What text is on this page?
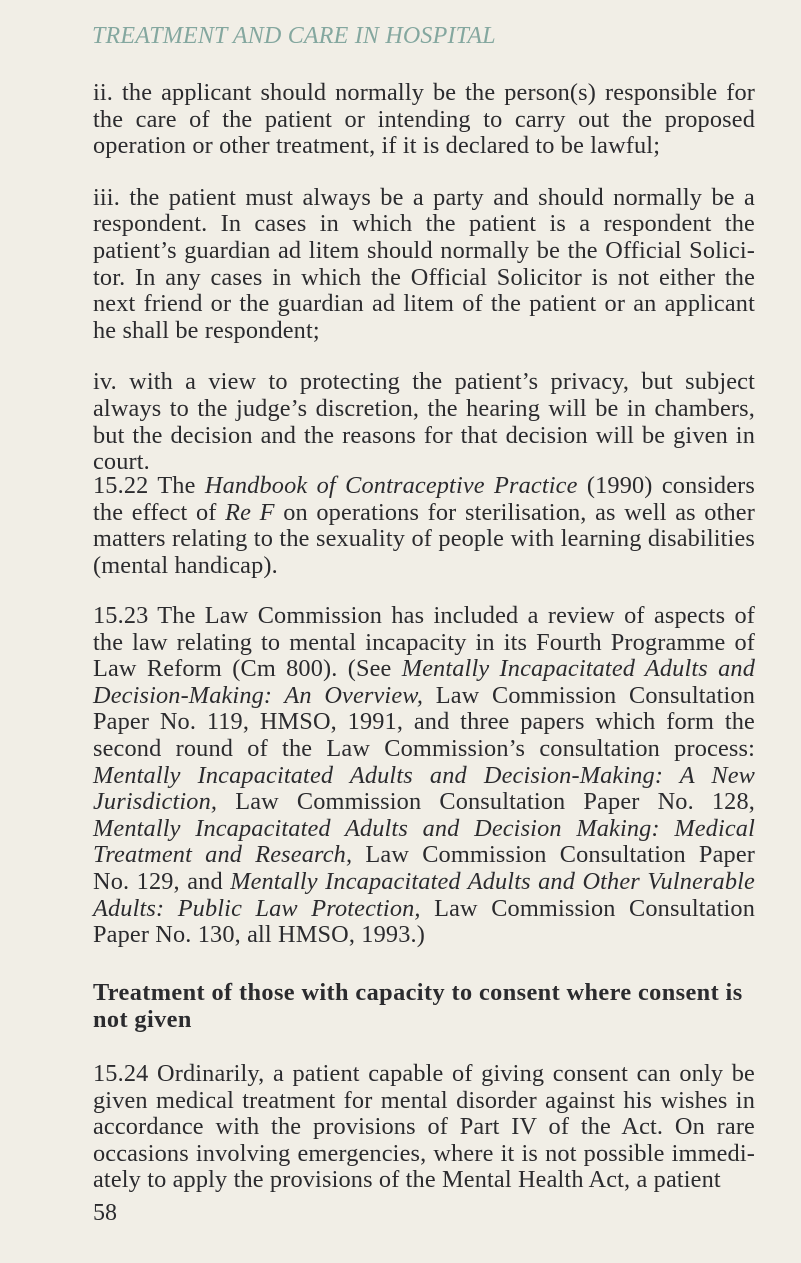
TREATMENT AND CARE IN HOSPITAL

ii. the applicant should normally be the person(s) responsible for the care of the patient or intending to carry out the proposed operation or other treatment, if it is declared to be lawful;

iii. the patient must always be a party and should normally be a respondent. In cases in which the patient is a respondent the patient’s guardian ad litem should normally be the Official Solici-tor. In any cases in which the Official Solicitor is not either the next friend or the guardian ad litem of the patient or an applicant he shall be respondent;

iv. with a view to protecting the patient’s privacy, but subject always to the judge’s discretion, the hearing will be in chambers, but the decision and the reasons for that decision will be given in court.

15.22 The Handbook of Contraceptive Practice (1990) considers the effect of Re F on operations for sterilisation, as well as other matters relating to the sexuality of people with learning disabilities (mental handicap).

15.23 The Law Commission has included a review of aspects of the law relating to mental incapacity in its Fourth Programme of Law Reform (Cm 800). (See Mentally Incapacitated Adults and Decision-Making: An Overview, Law Commission Consultation Paper No. 119, HMSO, 1991, and three papers which form the second round of the Law Commission’s consultation process: Mentally Incapacitated Adults and Decision-Making: A New Jurisdiction, Law Commission Consultation Paper No. 128, Mentally Incapacitated Adults and Decision Making: Medical Treatment and Research, Law Commission Consultation Paper No. 129, and Mentally Incapacitated Adults and Other Vulnerable Adults: Public Law Protection, Law Commission Consultation Paper No. 130, all HMSO, 1993.)

Treatment of those with capacity to consent where consent is not given

15.24 Ordinarily, a patient capable of giving consent can only be given medical treatment for mental disorder against his wishes in accordance with the provisions of Part IV of the Act. On rare occasions involving emergencies, where it is not possible immedi-ately to apply the provisions of the Mental Health Act, a patient

58
